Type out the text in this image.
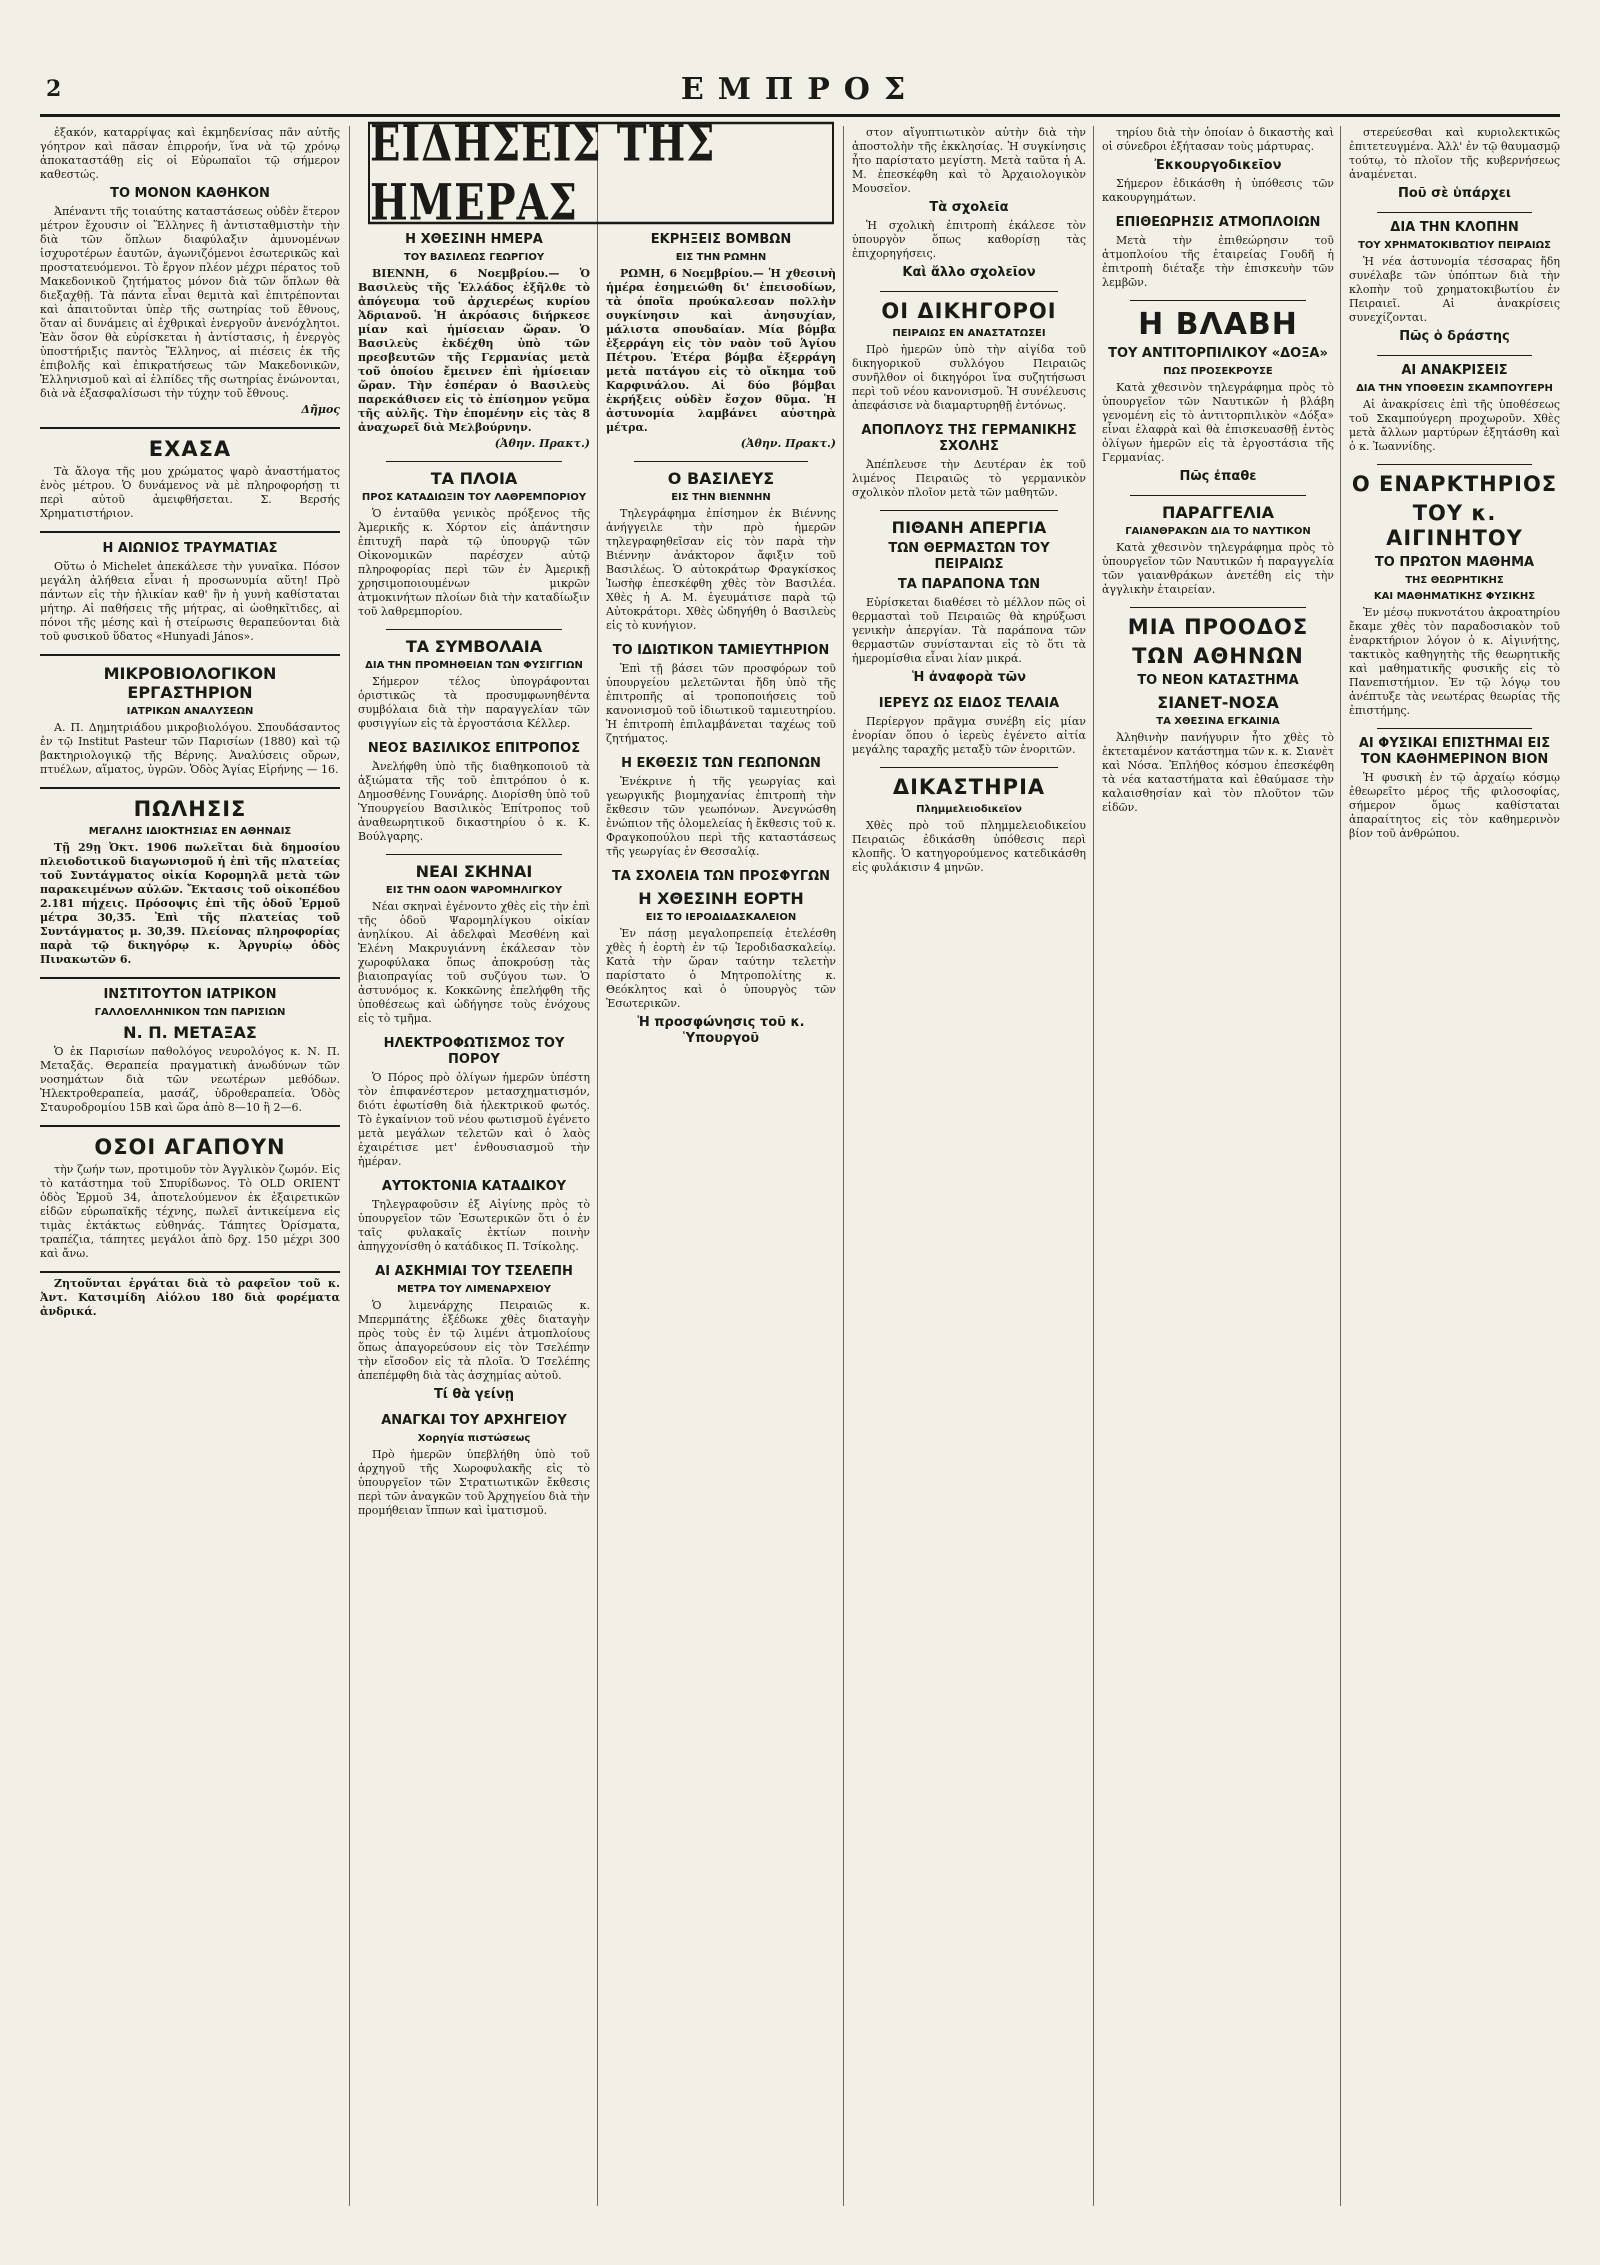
2	ΕΜΠΡΟΣ

ἐξακόν, καταρρίψας καὶ ἐκμηδενίσας πᾶν αὐτῆς γόητρον καὶ πᾶσαν ἐπιρροήν, ἵνα νὰ τῷ χρόνῳ ἀποκαταστάθῃ εἰς οἱ Εὐρωπαῖοι τῷ σήμερον καθεστώς.

ΤΟ ΜΟΝΟΝ ΚΑΘΗΚΟΝ

Ἀπέναντι τῆς τοιαύτης καταστάσεως οὐδὲν ἕτερον μέτρον ἔχουσιν οἱ Ἕλληνες ἢ ἀντισταθμιστὴν τὴν διὰ τῶν ὅπλων διαφύλαξιν ἀμυνομένων ἰσχυροτέρων ἑαυτῶν, ἀγωνιζόμενοι ἐσωτερικῶς καὶ προστατευόμενοι. Τὸ ἔργον πλέον μέχρι πέρατος τοῦ Μακεδονικοῦ ζητήματος μόνον διὰ τῶν ὅπλων θὰ διεξαχθῇ. Τὰ πάντα εἶναι θεμιτὰ καὶ ἐπιτρέπονται καὶ ἀπαιτοῦνται ὑπὲρ τῆς σωτηρίας τοῦ ἔθνους, ὅταν αἱ δυνάμεις αἱ ἐχθρικαὶ ἐνεργοῦν ἀνενόχλητοι. Ἐὰν ὅσον θὰ εὑρίσκεται ἡ ἀντίστασις, ἡ ἐνεργὸς ὑποστήριξις παντὸς Ἕλληνος, αἱ πιέσεις ἐκ τῆς ἐπιβολῆς καὶ ἐπικρατήσεως τῶν Μακεδονικῶν, Ἑλληνισμοῦ καὶ αἱ ἐλπίδες τῆς σωτηρίας ἑνώνονται, διὰ νὰ ἐξασφαλίσωσι τὴν τύχην τοῦ ἔθνους.

Δῆμος
ΕΧΑΣΑ

Τὰ ἄλογα τῆς μου χρώματος ψαρὸ ἀναστήματος ἐνὸς μέτρου. Ὁ δυνάμενος νὰ μὲ πληροφορήσῃ τι περὶ αὐτοῦ ἀμειφθήσεται. Σ. Βερσής Χρηματιστήριον.

Η ΑΙΩΝΙΟΣ ΤΡΑΥΜΑΤΙΑΣ

Οὕτω ὁ Michelet ἀπεκάλεσε τὴν γυναῖκα. Πόσον μεγάλη ἀλήθεια εἶναι ἡ προσωνυμία αὕτη! Πρὸ πάντων εἰς τὴν ἡλικίαν καθ' ἣν ἡ γυνὴ καθίσταται μήτηρ. Αἱ παθήσεις τῆς μήτρας, αἱ ὠοθηκῖτιδες, αἱ πόνοι τῆς μέσης καὶ ἡ στείρωσις θεραπεύονται διὰ τοῦ φυσικοῦ ὕδατος «Hunyadi János».

ΜΙΚΡΟΒΙΟΛΟΓΙΚΟΝ ΕΡΓΑΣΤΗΡΙΟΝ
ΙΑΤΡΙΚΩΝ ΑΝΑΛΥΣΕΩΝ

Α. Π. Δημητριάδου μικροβιολόγου. Σπουδάσαντος ἐν τῷ Institut Pasteur τῶν Παρισίων (1880) καὶ τῷ βακτηριολογικῷ τῆς Βέρνης. Ἀναλύσεις οὔρων, πτυέλων, αἵματος, ὑγρῶν. Ὁδὸς Ἁγίας Εἰρήνης — 16.

ΠΩΛΗΣΙΣ
ΜΕΓΑΛΗΣ ΙΔΙΟΚΤΗΣΙΑΣ ΕΝ ΑΘΗΝΑΙΣ

Τῇ 29ῃ Ὀκτ. 1906 πωλεῖται διὰ δημοσίου πλειοδοτικοῦ διαγωνισμοῦ ἡ ἐπὶ τῆς πλατείας τοῦ Συντάγματος οἰκία Κορομηλᾶ μετὰ τῶν παρακειμένων αὐλῶν. Ἔκτασις τοῦ οἰκοπέδου 2.181 πήχεις. Πρόσοψις ἐπὶ τῆς ὁδοῦ Ἑρμοῦ μέτρα 30,35. Ἐπὶ τῆς πλατείας τοῦ Συντάγματος μ. 30,39. Πλείονας πληροφορίας παρὰ τῷ δικηγόρῳ κ. Ἀργυρίῳ ὁδὸς Πινακωτῶν 6.

ΙΝΣΤΙΤΟΥΤΟΝ ΙΑΤΡΙΚΟΝ
ΓΑΛΛΟΕΛΛΗΝΙΚΟΝ ΤΩΝ ΠΑΡΙΣΙΩΝ
Ν. Π. ΜΕΤΑΞΑΣ

Ὁ ἐκ Παρισίων παθολόγος νευρολόγος κ. Ν. Π. Μεταξᾶς. Θεραπεία πραγματικὴ ἀνωδύνων τῶν νοσημάτων διὰ τῶν νεωτέρων μεθόδων. Ἠλεκτροθεραπεία, μασάζ, ὑδροθεραπεία. Ὁδὸς Σταυροδρομίου 15Β καὶ ὥρα ἀπὸ 8—10 ἢ 2—6.

ΟΣΟΙ ΑΓΑΠΟΥΝ

τὴν ζωήν των, προτιμοῦν τὸν Ἀγγλικὸν ζωμόν. Εἰς τὸ κατάστημα τοῦ Σπυρίδωνος. Τὸ OLD ORIENT ὁδὸς Ἑρμοῦ 34, ἀποτελούμενον ἐκ ἐξαιρετικῶν εἰδῶν εὐρωπαϊκῆς τέχνης, πωλεῖ ἀντικείμενα εἰς τιμὰς ἐκτάκτως εὐθηνάς. Τάπητες Ὀρίσματα, τραπέζια, τάπητες μεγάλοι ἀπὸ δρχ. 150 μέχρι 300 καὶ ἄνω.

Ζητοῦνται ἐργάται διὰ τὸ ραφεῖον τοῦ κ. Ἀντ. Κατσιμίδη Αἰόλου 180 διὰ φορέματα ἀνδρικά.

ΕΙΔΗΣΕΙΣ ΤΗΣ ΗΜΕΡΑΣ
Η ΧΘΕΣΙΝΗ ΗΜΕΡΑ
ΤΟΥ ΒΑΣΙΛΕΩΣ ΓΕΩΡΓΙΟΥ

ΒΙΕΝΝΗ, 6 Νοεμβρίου.— Ὁ Βασιλεὺς τῆς Ἑλλάδος ἐξῆλθε τὸ ἀπόγευμα τοῦ ἀρχιερέως κυρίου Ἀδριανοῦ. Ἡ ἀκρόασις διήρκεσε μίαν καὶ ἡμίσειαν ὥραν. Ὁ Βασιλεὺς ἐκδέχθη ὑπὸ τῶν πρεσβευτῶν τῆς Γερμανίας μετὰ τοῦ ὁποίου ἔμεινεν ἐπὶ ἡμίσειαν ὥραν. Τὴν ἑσπέραν ὁ Βασιλεὺς παρεκάθισεν εἰς τὸ ἐπίσημον γεῦμα τῆς αὐλῆς. Τὴν ἑπομένην εἰς τὰς 8 ἀναχωρεῖ διὰ Μελβούρνην.

(Ἀθην. Πρακτ.)
ΤΑ ΠΛΟΙΑ
ΠΡΟΣ ΚΑΤΑΔΙΩΞΙΝ ΤΟΥ ΛΑΘΡΕΜΠΟΡΙΟΥ

Ὁ ἐνταῦθα γενικὸς πρόξενος τῆς Ἀμερικῆς κ. Χόρτον εἰς ἀπάντησιν ἐπιτυχῆ παρὰ τῷ ὑπουργῷ τῶν Οἰκονομικῶν παρέσχεν αὐτῷ πληροφορίας περὶ τῶν ἐν Ἀμερικῇ χρησιμοποιουμένων μικρῶν ἀτμοκινήτων πλοίων διὰ τὴν καταδίωξιν τοῦ λαθρεμπορίου.

ΤΑ ΣΥΜΒΟΛΑΙΑ
ΔΙΑ ΤΗΝ ΠΡΟΜΗΘΕΙΑΝ ΤΩΝ ΦΥΣΙΓΓΙΩΝ

Σήμερον τέλος ὑπογράφονται ὁριστικῶς τὰ προσυμφωνηθέντα συμβόλαια διὰ τὴν παραγγελίαν τῶν φυσιγγίων εἰς τὰ ἐργοστάσια Κέλλερ.

ΝΕΟΣ ΒΑΣΙΛΙΚΟΣ ΕΠΙΤΡΟΠΟΣ

Ἀνελήφθη ὑπὸ τῆς διαθηκοποιοῦ τὰ ἀξιώματα τῆς τοῦ ἐπιτρόπου ὁ κ. Δημοσθένης Γουνάρης. Διορίσθη ὑπὸ τοῦ Ὑπουργείου Βασιλικὸς Ἐπίτροπος τοῦ ἀναθεωρητικοῦ δικαστηρίου ὁ κ. Κ. Βούλγαρης.

ΝΕΑΙ ΣΚΗΝΑΙ
ΕΙΣ ΤΗΝ ΟΔΟΝ ΨΑΡΟΜΗΛΙΓΚΟΥ

Νέαι σκηναὶ ἐγένοντο χθὲς εἰς τὴν ἐπὶ τῆς ὁδοῦ Ψαρομηλίγκου οἰκίαν ἀνηλίκου. Αἱ ἀδελφαὶ Μεσθένη καὶ Ἑλένη Μακρυγιάννη ἐκάλεσαν τὸν χωροφύλακα ὅπως ἀποκρούσῃ τὰς βιαιοπραγίας τοῦ συζύγου των. Ὁ ἀστυνόμος κ. Κοκκῶνης ἐπελήφθη τῆς ὑποθέσεως καὶ ὡδήγησε τοὺς ἐνόχους εἰς τὸ τμῆμα.

ΗΛΕΚΤΡΟΦΩΤΙΣΜΟΣ ΤΟΥ ΠΟΡΟΥ

Ὁ Πόρος πρὸ ὀλίγων ἡμερῶν ὑπέστη τὸν ἐπιφανέστερον μετασχηματισμόν, διότι ἐφωτίσθη διὰ ἠλεκτρικοῦ φωτός. Τὸ ἐγκαίνιον τοῦ νέου φωτισμοῦ ἐγένετο μετὰ μεγάλων τελετῶν καὶ ὁ λαὸς ἐχαιρέτισε μετ' ἐνθουσιασμοῦ τὴν ἡμέραν.

ΑΥΤΟΚΤΟΝΙΑ ΚΑΤΑΔΙΚΟΥ

Τηλεγραφοῦσιν ἐξ Αἰγίνης πρὸς τὸ ὑπουργεῖον τῶν Ἐσωτερικῶν ὅτι ὁ ἐν ταῖς φυλακαῖς ἐκτίων ποινὴν ἀπηγχονίσθη ὁ κατάδικος Π. Τσίκολης.

ΑΙ ΑΣΚΗΜΙΑΙ ΤΟΥ ΤΣΕΛΕΠΗ
ΜΕΤΡΑ ΤΟΥ ΛΙΜΕΝΑΡΧΕΙΟΥ

Ὁ λιμενάρχης Πειραιῶς κ. Μπερμπάτης ἐξέδωκε χθὲς διαταγὴν πρὸς τοὺς ἐν τῷ λιμένι ἀτμοπλοίους ὅπως ἀπαγορεύσουν εἰς τὸν Τσελέπην τὴν εἴσοδον εἰς τὰ πλοῖα. Ὁ Τσελέπης ἀπεπέμφθη διὰ τὰς ἀσχημίας αὐτοῦ.

Τί θὰ γείνῃ
ΑΝΑΓΚΑΙ ΤΟΥ ΑΡΧΗΓΕΙΟΥ
Χορηγία πιστώσεως

Πρὸ ἡμερῶν ὑπεβλήθη ὑπὸ τοῦ ἀρχηγοῦ τῆς Χωροφυλακῆς εἰς τὸ ὑπουργεῖον τῶν Στρατιωτικῶν ἔκθεσις περὶ τῶν ἀναγκῶν τοῦ Ἀρχηγείου διὰ τὴν προμήθειαν ἵππων καὶ ἱματισμοῦ.

ΕΚΡΗΞΕΙΣ ΒΟΜΒΩΝ
ΕΙΣ ΤΗΝ ΡΩΜΗΝ

ΡΩΜΗ, 6 Νοεμβρίου.— Ἡ χθεσινὴ ἡμέρα ἐσημειώθη δι' ἐπεισοδίων, τὰ ὁποῖα προύκαλεσαν πολλὴν συγκίνησιν καὶ ἀνησυχίαν, μάλιστα σπουδαίαν. Μία βόμβα ἐξερράγη εἰς τὸν ναὸν τοῦ Ἁγίου Πέτρου. Ἑτέρα βόμβα ἐξερράγη μετὰ πατάγου εἰς τὸ οἴκημα τοῦ Καρφινάλου. Αἱ δύο βόμβαι ἐκρήξεις οὐδὲν ἔσχον θῦμα. Ἡ ἀστυνομία λαμβάνει αὐστηρὰ μέτρα.

(Ἀθην. Πρακτ.)
Ο ΒΑΣΙΛΕΥΣ
ΕΙΣ ΤΗΝ ΒΙΕΝΝΗΝ

Τηλεγράφημα ἐπίσημον ἐκ Βιέννης ἀνήγγειλε τὴν πρὸ ἡμερῶν τηλεγραφηθεῖσαν εἰς τὸν παρὰ τὴν Βιέννην ἀνάκτορον ἄφιξιν τοῦ Βασιλέως. Ὁ αὐτοκράτωρ Φραγκίσκος Ἰωσὴφ ἐπεσκέφθη χθὲς τὸν Βασιλέα. Χθὲς ἡ Α. Μ. ἐγευμάτισε παρὰ τῷ Αὐτοκράτορι. Χθὲς ὡδηγήθη ὁ Βασιλεὺς εἰς τὸ κυνήγιον.

ΤΟ ΙΔΙΩΤΙΚΟΝ ΤΑΜΙΕΥΤΗΡΙΟΝ

Ἐπὶ τῇ βάσει τῶν προσφόρων τοῦ ὑπουργείου μελετῶνται ἤδη ὑπὸ τῆς ἐπιτροπῆς αἱ τροποποιήσεις τοῦ κανονισμοῦ τοῦ ἰδιωτικοῦ ταμιευτηρίου. Ἡ ἐπιτροπὴ ἐπιλαμβάνεται ταχέως τοῦ ζητήματος.

Η ΕΚΘΕΣΙΣ ΤΩΝ ΓΕΩΠΟΝΩΝ

Ἐνέκρινε ἡ τῆς γεωργίας καὶ γεωργικῆς βιομηχανίας ἐπιτροπὴ τὴν ἔκθεσιν τῶν γεωπόνων. Ἀνεγνώσθη ἐνώπιον τῆς ὁλομελείας ἡ ἔκθεσις τοῦ κ. Φραγκοπούλου περὶ τῆς καταστάσεως τῆς γεωργίας ἐν Θεσσαλίᾳ.

ΤΑ ΣΧΟΛΕΙΑ ΤΩΝ ΠΡΟΣΦΥΓΩΝ
Η ΧΘΕΣΙΝΗ ΕΟΡΤΗ
ΕΙΣ ΤΟ ΙΕΡΟΔΙΔΑΣΚΑΛΕΙΟΝ

Ἐν πάσῃ μεγαλοπρεπείᾳ ἐτελέσθη χθὲς ἡ ἑορτὴ ἐν τῷ Ἱεροδιδασκαλείῳ. Κατὰ τὴν ὥραν ταύτην τελετὴν παρίστατο ὁ Μητροπολίτης κ. Θεόκλητος καὶ ὁ ὑπουργὸς τῶν Ἐσωτερικῶν.

Ἡ προσφώνησις τοῦ κ. Ὑπουργοῦ

στον αἴγυπτιωτικὸν αὐτὴν διὰ τὴν ἀποστολὴν τῆς ἐκκλησίας. Ἡ συγκίνησις ἦτο παρίστατο μεγίστη. Μετὰ ταῦτα ἡ Α. Μ. ἐπεσκέφθη καὶ τὸ Ἀρχαιολογικὸν Μουσεῖον.

Τὰ σχολεῖα

Ἡ σχολικὴ ἐπιτροπὴ ἐκάλεσε τὸν ὑπουργὸν ὅπως καθορίσῃ τὰς ἐπιχορηγήσεις.

Καὶ ἄλλο σχολεῖον
ΟΙ ΔΙΚΗΓΟΡΟΙ
ΠΕΙΡΑΙΩΣ ΕΝ ΑΝΑΣΤΑΤΩΣΕΙ

Πρὸ ἡμερῶν ὑπὸ τὴν αἰγίδα τοῦ δικηγορικοῦ συλλόγου Πειραιῶς συνῆλθον οἱ δικηγόροι ἵνα συζητήσωσι περὶ τοῦ νέου κανονισμοῦ. Ἡ συνέλευσις ἀπεφάσισε νὰ διαμαρτυρηθῇ ἐντόνως.

ΑΠΟΠΛΟΥΣ ΤΗΣ ΓΕΡΜΑΝΙΚΗΣ ΣΧΟΛΗΣ

Ἀπέπλευσε τὴν Δευτέραν ἐκ τοῦ λιμένος Πειραιῶς τὸ γερμανικὸν σχολικὸν πλοῖον μετὰ τῶν μαθητῶν.

ΠΙΘΑΝΗ ΑΠΕΡΓΙΑ
ΤΩΝ ΘΕΡΜΑΣΤΩΝ ΤΟΥ ΠΕΙΡΑΙΩΣ
ΤΑ ΠΑΡΑΠΟΝΑ ΤΩΝ

Εὑρίσκεται διαθέσει τὸ μέλλον πῶς οἱ θερμασταὶ τοῦ Πειραιῶς θὰ κηρύξωσι γενικὴν ἀπεργίαν. Τὰ παράπονα τῶν θερμαστῶν συνίστανται εἰς τὸ ὅτι τὰ ἡμερομίσθια εἶναι λίαν μικρά.

Ἡ ἀναφορὰ τῶν
ΙΕΡΕΥΣ ΩΣ ΕΙΔΟΣ ΤΕΛΑΙΑ

Περίεργον πρᾶγμα συνέβη εἰς μίαν ἐνορίαν ὅπου ὁ ἱερεὺς ἐγένετο αἰτία μεγάλης ταραχῆς μεταξὺ τῶν ἐνοριτῶν.

ΔΙΚΑΣΤΗΡΙΑ
Πλημμελειοδικεῖον

Χθὲς πρὸ τοῦ πλημμελειοδικείου Πειραιῶς ἐδικάσθη ὑπόθεσις περὶ κλοπῆς. Ὁ κατηγορούμενος κατεδικάσθη εἰς φυλάκισιν 4 μηνῶν.

τηρίου διὰ τὴν ὁποίαν ὁ δικαστὴς καὶ οἱ σύνεδροι ἐξήτασαν τοὺς μάρτυρας.

Ἐκκουργοδικεῖον

Σήμερον ἐδικάσθη ἡ ὑπόθεσις τῶν κακουργημάτων.

ΕΠΙΘΕΩΡΗΣΙΣ ΑΤΜΟΠΛΟΙΩΝ

Μετὰ τὴν ἐπιθεώρησιν τοῦ ἀτμοπλοίου τῆς ἑταιρείας Γουδῆ ἡ ἐπιτροπὴ διέταξε τὴν ἐπισκευὴν τῶν λεμβῶν.

Η ΒΛΑΒΗ
ΤΟΥ ΑΝΤΙΤΟΡΠΙΛΙΚΟΥ «ΔΟΞΑ»
ΠΩΣ ΠΡΟΣΕΚΡΟΥΣΕ

Κατὰ χθεσινὸν τηλεγράφημα πρὸς τὸ ὑπουργεῖον τῶν Ναυτικῶν ἡ βλάβη γενομένη εἰς τὸ ἀντιτορπιλικὸν «Δόξα» εἶναι ἐλαφρὰ καὶ θὰ ἐπισκευασθῇ ἐντὸς ὀλίγων ἡμερῶν εἰς τὰ ἐργοστάσια τῆς Γερμανίας.

Πῶς ἐπαθε
ΠΑΡΑΓΓΕΛΙΑ
ΓΑΙΑΝΘΡΑΚΩΝ ΔΙΑ ΤΟ ΝΑΥΤΙΚΟΝ

Κατὰ χθεσινὸν τηλεγράφημα πρὸς τὸ ὑπουργεῖον τῶν Ναυτικῶν ἡ παραγγελία τῶν γαιανθράκων ἀνετέθη εἰς τὴν ἀγγλικὴν ἑταιρείαν.

ΜΙΑ ΠΡΟΟΔΟΣ
ΤΩΝ ΑΘΗΝΩΝ
ΤΟ ΝΕΟΝ ΚΑΤΑΣΤΗΜΑ
ΣΙΑΝΕΤ-ΝΟΣΑ
ΤΑ ΧΘΕΣΙΝΑ ΕΓΚΑΙΝΙΑ

Ἀληθινὴν πανήγυριν ἦτο χθὲς τὸ ἐκτεταμένον κατάστημα τῶν κ. κ. Σιανὲτ καὶ Νόσα. Ἐπλήθος κόσμου ἐπεσκέφθη τὰ νέα καταστήματα καὶ ἐθαύμασε τὴν καλαισθησίαν καὶ τὸν πλοῦτον τῶν εἰδῶν.

στερεύεσθαι καὶ κυριολεκτικῶς ἐπιτετευγμένα. Ἀλλ' ἐν τῷ θαυμασμῷ τούτῳ, τὸ πλοῖον τῆς κυβερνήσεως ἀναμένεται.

Ποῦ σὲ ὑπάρχει
ΔΙΑ ΤΗΝ ΚΛΟΠΗΝ
ΤΟΥ ΧΡΗΜΑΤΟΚΙΒΩΤΙΟΥ ΠΕΙΡΑΙΩΣ

Ἡ νέα ἀστυνομία τέσσαρας ἤδη συνέλαβε τῶν ὑπόπτων διὰ τὴν κλοπὴν τοῦ χρηματοκιβωτίου ἐν Πειραιεῖ. Αἱ ἀνακρίσεις συνεχίζονται.

Πῶς ὁ δράστης
ΑΙ ΑΝΑΚΡΙΣΕΙΣ
ΔΙΑ ΤΗΝ ΥΠΟΘΕΣΙΝ ΣΚΑΜΠΟΥΓΕΡΗ

Αἱ ἀνακρίσεις ἐπὶ τῆς ὑποθέσεως τοῦ Σκαμπούγερη προχωροῦν. Χθὲς μετὰ ἄλλων μαρτύρων ἐξητάσθη καὶ ὁ κ. Ἰωαννίδης.

Ο ΕΝΑΡΚΤΗΡΙΟΣ
ΤΟΥ κ. ΑΙΓΙΝΗΤΟΥ
ΤΟ ΠΡΩΤΟΝ ΜΑΘΗΜΑ
ΤΗΣ ΘΕΩΡΗΤΙΚΗΣ
ΚΑΙ ΜΑΘΗΜΑΤΙΚΗΣ ΦΥΣΙΚΗΣ

Ἐν μέσῳ πυκνοτάτου ἀκροατηρίου ἔκαμε χθὲς τὸν παραδοσιακὸν τοῦ ἐναρκτήριον λόγον ὁ κ. Αἰγινήτης, τακτικὸς καθηγητὴς τῆς θεωρητικῆς καὶ μαθηματικῆς φυσικῆς εἰς τὸ Πανεπιστήμιον. Ἐν τῷ λόγῳ του ἀνέπτυξε τὰς νεωτέρας θεωρίας τῆς ἐπιστήμης.

ΑΙ ΦΥΣΙΚΑΙ ΕΠΙΣΤΗΜΑΙ ΕΙΣ ΤΟΝ ΚΑΘΗΜΕΡΙΝΟΝ ΒΙΟΝ

Ἡ φυσικὴ ἐν τῷ ἀρχαίῳ κόσμῳ ἐθεωρεῖτο μέρος τῆς φιλοσοφίας, σήμερον ὅμως καθίσταται ἀπαραίτητος εἰς τὸν καθημερινὸν βίον τοῦ ἀνθρώπου.
